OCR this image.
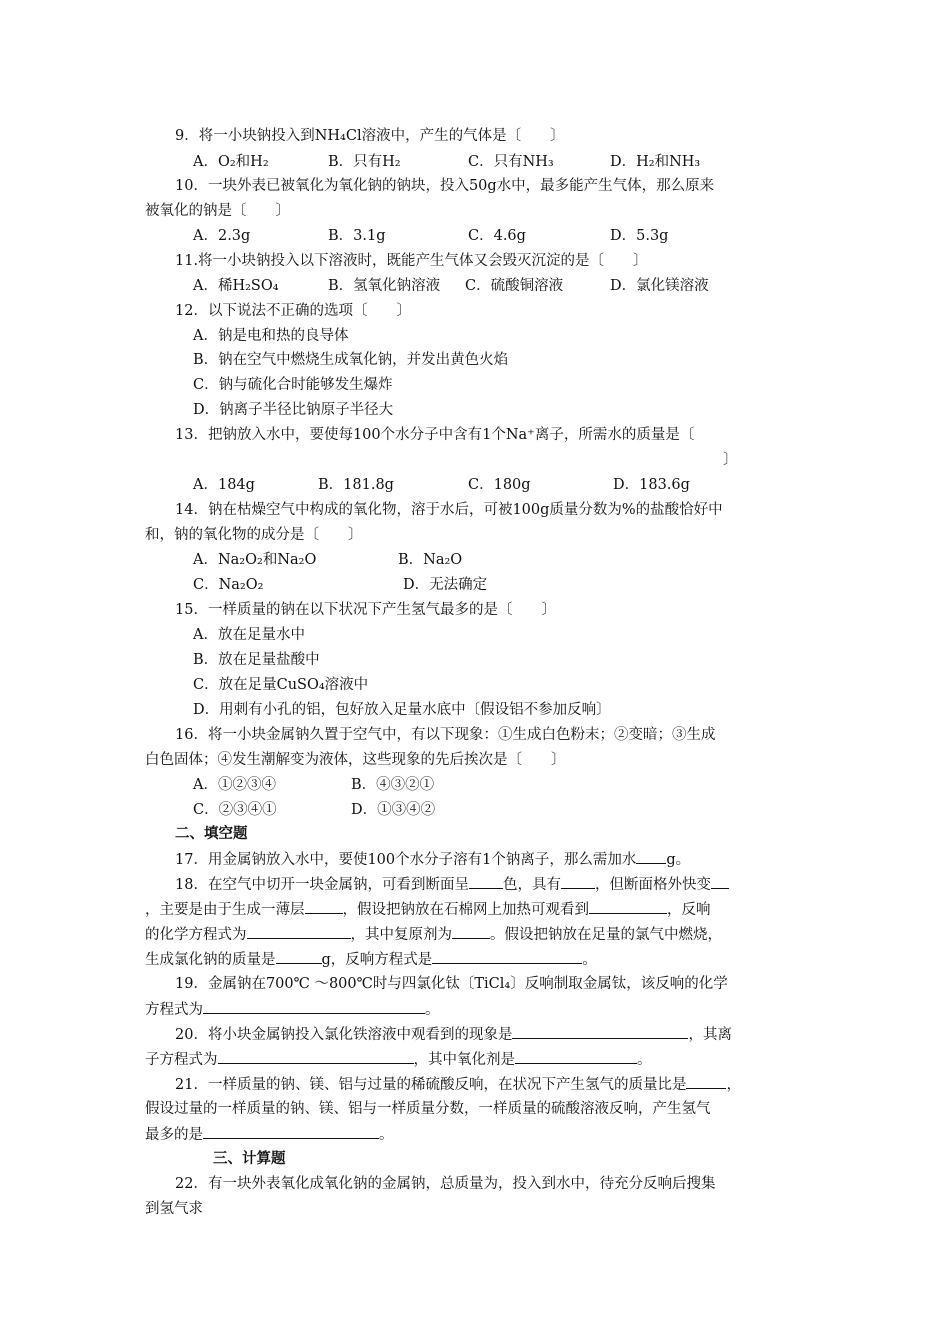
9．将一小块钠投入到NH₄Cl溶液中，产生的气体是〔　　〕
A．O₂和H₂	B．只有H₂	C．只有NH₃	D．H₂和NH₃
10．一块外表已被氧化为氧化钠的钠块，投入50g水中，最多能产生气体，那么原来
被氧化的钠是〔　　〕
A．2.3g	B．3.1g	C．4.6g	D．5.3g
11.将一小块钠投入以下溶液时，既能产生气体又会毁灭沉淀的是〔　　〕
A．稀H₂SO₄	B．氢氧化钠溶液 C．硫酸铜溶液	D．氯化镁溶液
12．以下说法不正确的选项〔　　〕
A．钠是电和热的良导体
B．钠在空气中燃烧生成氧化钠，并发出黄色火焰
C．钠与硫化合时能够发生爆炸
D．钠离子半径比钠原子半径大
13．把钠放入水中，要使每100个水分子中含有1个Na⁺离子，所需水的质量是〔
〕
A．184g	B．181.8g	C．180g	D．183.6g
14．钠在枯燥空气中构成的氧化物，溶于水后，可被100g质量分数为%的盐酸恰好中
和，钠的氧化物的成分是〔　　〕
A．Na₂O₂和Na₂O	B．Na₂O
C．Na₂O₂	D．无法确定
15．一样质量的钠在以下状况下产生氢气最多的是〔　　〕
A．放在足量水中
B．放在足量盐酸中
C．放在足量CuSO₄溶液中
D．用刺有小孔的铝，包好放入足量水底中〔假设铝不参加反响〕
16．将一小块金属钠久置于空气中，有以下现象：①生成白色粉末；②变暗；③生成
白色固体；④发生潮解变为液体，这些现象的先后挨次是〔　　〕
A．①②③④	B．④③②①
C．②③④①	D．①③④②
二、填空题
17．用金属钠放入水中，要使100个水分子溶有1个钠离子，那么需加水 g。
18．在空气中切开一块金属钠，可看到断面呈 色，具有 ，但断面格外快变
，主要是由于生成一薄层	，假设把钠放在石棉网上加热可观看到	，反响
的化学方程式为	，其中复原剂为	。假设把钠放在足量的氯气中燃烧，
生成氯化钠的质量是	g，反响方程式是	。
19．金属钠在700℃ ～800℃时与四氯化钛〔TiCl₄〕反响制取金属钛，该反响的化学
方程式为	。
20．将小块金属钠投入氯化铁溶液中观看到的现象是	，其离
子方程式为	，其中氧化剂是	。
21．一样质量的钠、镁、铝与过量的稀硫酸反响，在状况下产生氢气的质量比是	，
假设过量的一样质量的钠、镁、铝与一样质量分数，一样质量的硫酸溶液反响，产生氢气
最多的是	。
三、计算题
22．有一块外表氧化成氧化钠的金属钠，总质量为，投入到水中，待充分反响后搜集
到氢气求
